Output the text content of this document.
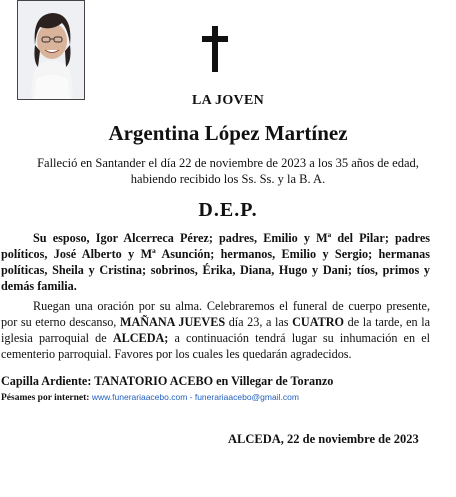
LA JOVEN
Argentina López Martínez
Falleció en Santander el día 22 de noviembre de 2023 a los 35 años de edad,
habiendo recibido los Ss. Ss. y la B. A.
D.E.P.
Su esposo, Igor Alcerreca Pérez; padres, Emilio y Mª del Pilar; padres políticos, José Alberto y Mª Asunción; hermanos, Emilio y Sergio; hermanas políticas, Sheila y Cristina; sobrinos, Érika, Diana, Hugo y Dani; tíos, primos y demás familia.
Ruegan una oración por su alma. Celebraremos el funeral de cuerpo presente, por su eterno descanso, MAÑANA JUEVES día 23, a las CUATRO de la tarde, en la iglesia parroquial de ALCEDA; a continuación tendrá lugar su inhumación en el cementerio parroquial. Favores por los cuales les quedarán agradecidos.
Capilla Ardiente: TANATORIO ACEBO en Villegar de Toranzo
Pésames por internet: www.funerariaacebo.com - funerariaacebo@gmail.com
ALCEDA, 22 de noviembre de 2023
